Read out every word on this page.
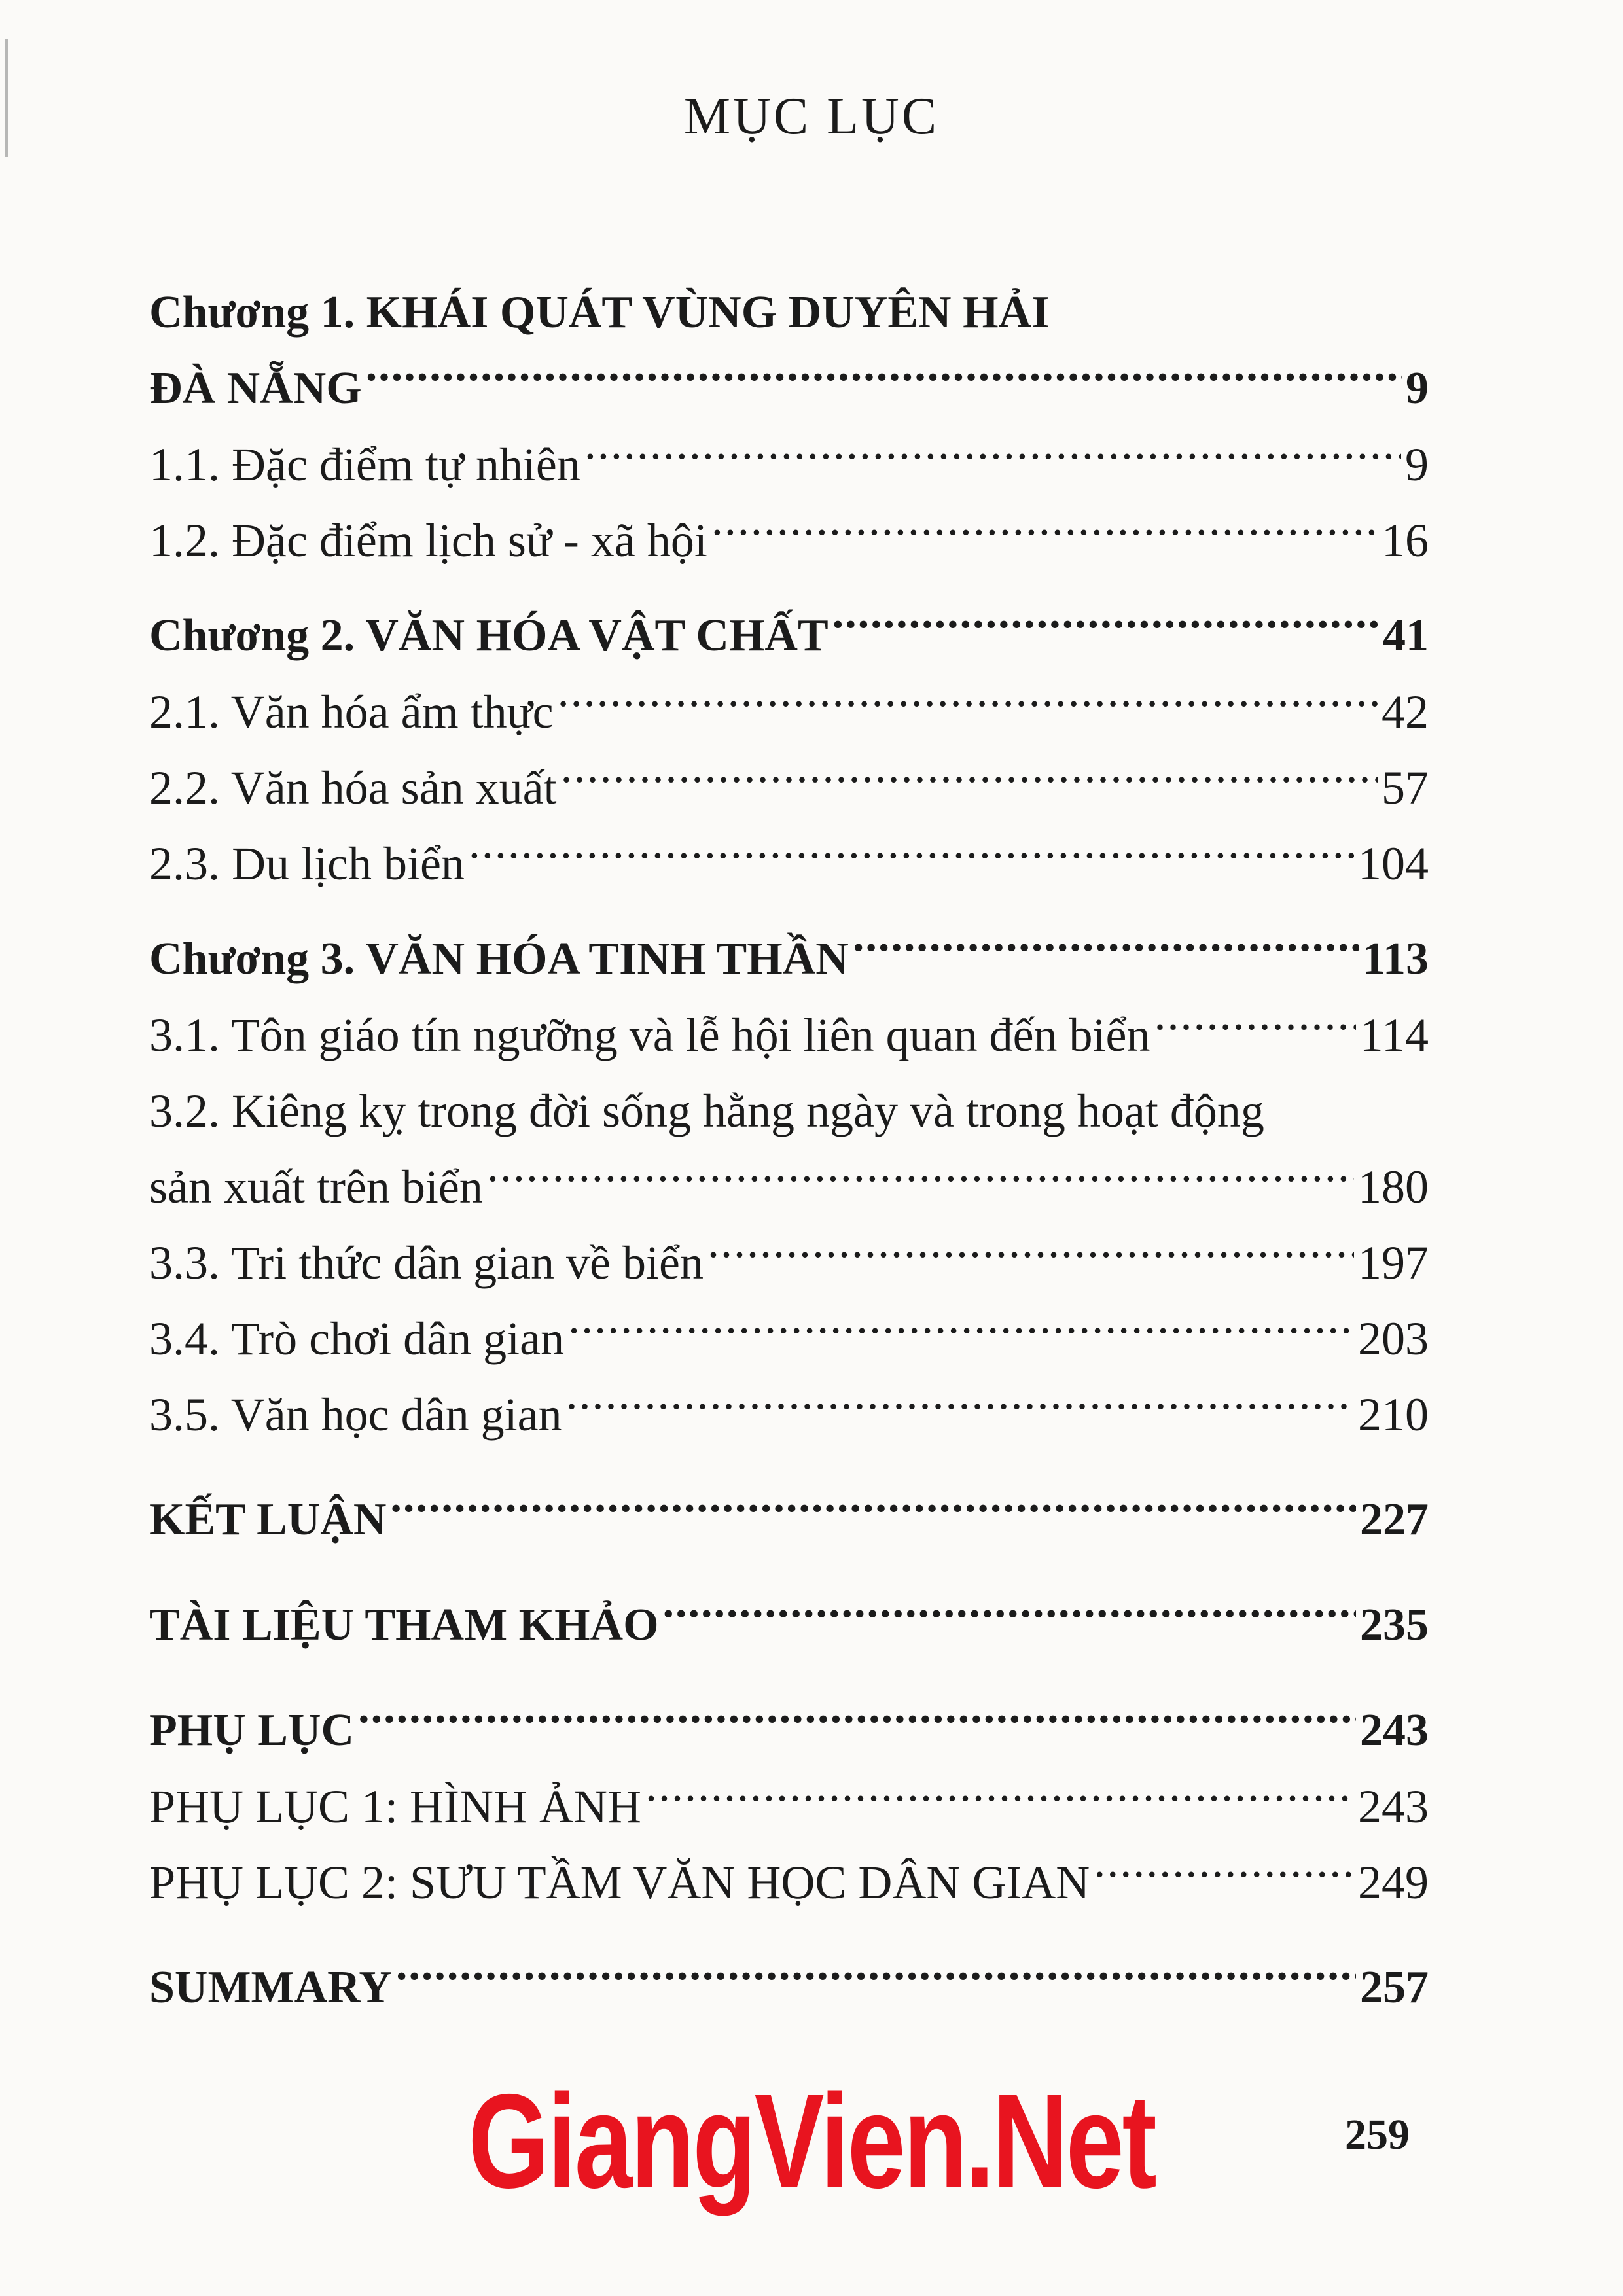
MỤC LỤC
Chương 1. KHÁI QUÁT VÙNG DUYÊN HẢI
ĐÀ NẴNG .....	9
1.1. Đặc điểm tự nhiên .....	9
1.2. Đặc điểm lịch sử - xã hội .....	16
Chương 2. VĂN HÓA VẬT CHẤT .....	41
2.1. Văn hóa ẩm thực .....	42
2.2. Văn hóa sản xuất .....	57
2.3. Du lịch biển .....	104
Chương 3. VĂN HÓA TINH THẦN .....	113
3.1. Tôn giáo tín ngưỡng và lễ hội liên quan đến biển .....	114
3.2. Kiêng kỵ trong đời sống hằng ngày và trong hoạt động
sản xuất trên biển .....	180
3.3. Tri thức dân gian về biển .....	197
3.4. Trò chơi dân gian .....	203
3.5. Văn học dân gian .....	210
KẾT LUẬN .....	227
TÀI LIỆU THAM KHẢO .....	235
PHỤ LỤC .....	243
PHỤ LỤC 1: HÌNH ẢNH .....	243
PHỤ LỤC 2: SƯU TẦM VĂN HỌC DÂN GIAN .....	249
SUMMARY .....	257
GiangVien.Net	259
